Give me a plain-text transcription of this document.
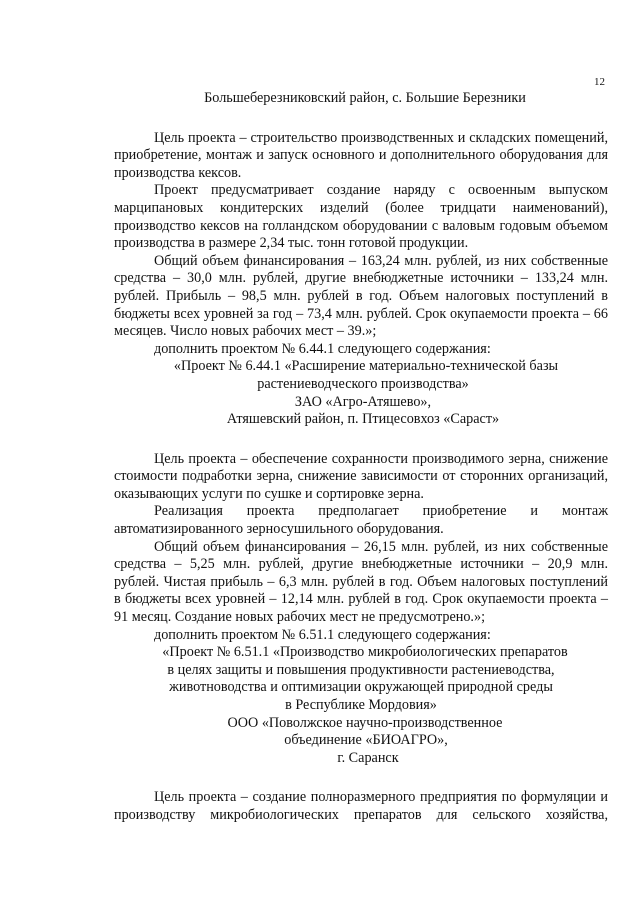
12
Большеберезниковский район, с. Большие Березники
Цель проекта – строительство производственных и складских помещений,
приобретение, монтаж и запуск основного и дополнительного оборудования для
производства кексов.
Проект предусматривает создание наряду с освоенным выпуском
марципановых кондитерских изделий (более тридцати наименований),
производство кексов на голландском оборудовании с валовым годовым объемом
производства в размере 2,34 тыс. тонн готовой продукции.
Общий объем финансирования – 163,24 млн. рублей, из них собственные
средства – 30,0 млн. рублей, другие внебюджетные источники – 133,24 млн.
рублей. Прибыль – 98,5 млн. рублей в год. Объем налоговых поступлений в
бюджеты всех уровней за год – 73,4 млн. рублей. Срок окупаемости проекта – 66
месяцев. Число новых рабочих мест – 39.»;
дополнить проектом № 6.44.1 следующего содержания:
«Проект № 6.44.1 «Расширение материально-технической базы
растениеводческого производства»
ЗАО «Агро-Атяшево»,
Атяшевский район, п. Птицесовхоз «Сараст»
Цель проекта – обеспечение сохранности производимого зерна, снижение
стоимости подработки зерна, снижение зависимости от сторонних организаций,
оказывающих услуги по сушке и сортировке зерна.
Реализация проекта предполагает приобретение и монтаж
автоматизированного зерносушильного оборудования.
Общий объем финансирования – 26,15 млн. рублей, из них собственные
средства – 5,25 млн. рублей, другие внебюджетные источники – 20,9 млн.
рублей. Чистая прибыль – 6,3 млн. рублей в год. Объем налоговых поступлений
в бюджеты всех уровней – 12,14 млн. рублей в год. Срок окупаемости проекта –
91 месяц. Создание новых рабочих мест не предусмотрено.»;
дополнить проектом № 6.51.1 следующего содержания:
«Проект № 6.51.1 «Производство микробиологических препаратов
в целях защиты и повышения продуктивности растениеводства,
животноводства и оптимизации окружающей природной среды
в Республике Мордовия»
ООО «Поволжское научно-производственное
объединение «БИОАГРО»,
г. Саранск
Цель проекта – создание полноразмерного предприятия по формуляции и
производству микробиологических препаратов для сельского хозяйства,
